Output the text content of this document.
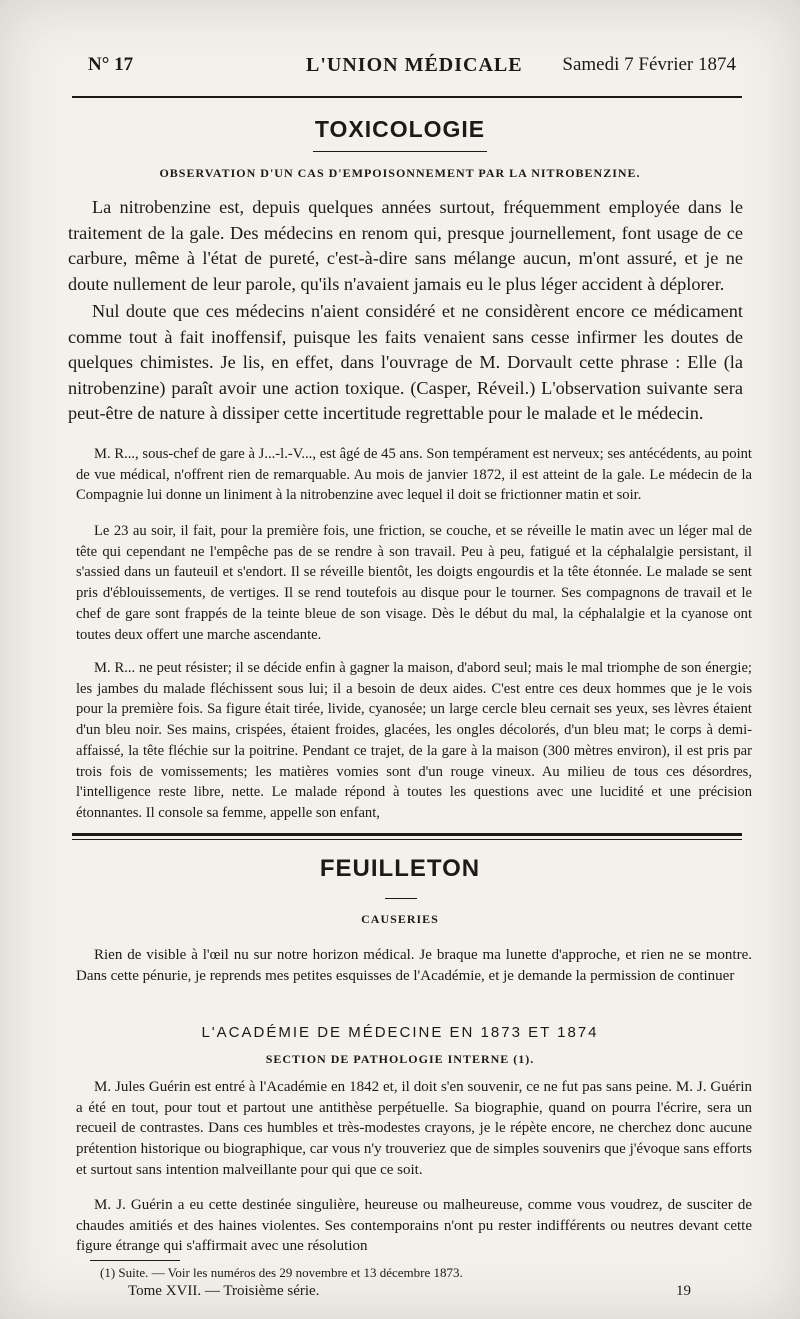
N° 17	L'UNION MÉDICALE Samedi 7 Février 1874
TOXICOLOGIE
OBSERVATION D'UN CAS D'EMPOISONNEMENT PAR LA NITROBENZINE.

La nitrobenzine est, depuis quelques années surtout, fréquemment employée dans le traitement de la gale. Des médecins en renom qui, presque journellement, font usage de ce carbure, même à l'état de pureté, c'est-à-dire sans mélange aucun, m'ont assuré, et je ne doute nullement de leur parole, qu'ils n'avaient jamais eu le plus léger accident à déplorer.

Nul doute que ces médecins n'aient considéré et ne considèrent encore ce médicament comme tout à fait inoffensif, puisque les faits venaient sans cesse infirmer les doutes de quelques chimistes. Je lis, en effet, dans l'ouvrage de M. Dorvault cette phrase : Elle (la nitrobenzine) paraît avoir une action toxique. (Casper, Réveil.) L'observation suivante sera peut-être de nature à dissiper cette incertitude regrettable pour le malade et le médecin.

M. R..., sous-chef de gare à J...-l.-V..., est âgé de 45 ans. Son tempérament est nerveux; ses antécédents, au point de vue médical, n'offrent rien de remarquable. Au mois de janvier 1872, il est atteint de la gale. Le médecin de la Compagnie lui donne un liniment à la nitrobenzine avec lequel il doit se frictionner matin et soir.

Le 23 au soir, il fait, pour la première fois, une friction, se couche, et se réveille le matin avec un léger mal de tête qui cependant ne l'empêche pas de se rendre à son travail. Peu à peu, fatigué et la céphalalgie persistant, il s'assied dans un fauteuil et s'endort. Il se réveille bientôt, les doigts engourdis et la tête étonnée. Le malade se sent pris d'éblouissements, de vertiges. Il se rend toutefois au disque pour le tourner. Ses compagnons de travail et le chef de gare sont frappés de la teinte bleue de son visage. Dès le début du mal, la céphalalgie et la cyanose ont toutes deux offert une marche ascendante.

M. R... ne peut résister; il se décide enfin à gagner la maison, d'abord seul; mais le mal triomphe de son énergie; les jambes du malade fléchissent sous lui; il a besoin de deux aides. C'est entre ces deux hommes que je le vois pour la première fois. Sa figure était tirée, livide, cyanosée; un large cercle bleu cernait ses yeux, ses lèvres étaient d'un bleu noir. Ses mains, crispées, étaient froides, glacées, les ongles décolorés, d'un bleu mat; le corps à demi-affaissé, la tête fléchie sur la poitrine. Pendant ce trajet, de la gare à la maison (300 mètres environ), il est pris par trois fois de vomissements; les matières vomies sont d'un rouge vineux. Au milieu de tous ces désordres, l'intelligence reste libre, nette. Le malade répond à toutes les questions avec une lucidité et une précision étonnantes. Il console sa femme, appelle son enfant,

FEUILLETON
CAUSERIES

Rien de visible à l'œil nu sur notre horizon médical. Je braque ma lunette d'approche, et rien ne se montre. Dans cette pénurie, je reprends mes petites esquisses de l'Académie, et je demande la permission de continuer

L'ACADÉMIE DE MÉDECINE EN 1873 ET 1874
SECTION DE PATHOLOGIE INTERNE (1).

M. Jules Guérin est entré à l'Académie en 1842 et, il doit s'en souvenir, ce ne fut pas sans peine. M. J. Guérin a été en tout, pour tout et partout une antithèse perpétuelle. Sa biographie, quand on pourra l'écrire, sera un recueil de contrastes. Dans ces humbles et très-modestes crayons, je le répète encore, ne cherchez donc aucune prétention historique ou biographique, car vous n'y trouveriez que de simples souvenirs que j'évoque sans efforts et surtout sans intention malveillante pour qui que ce soit.

M. J. Guérin a eu cette destinée singulière, heureuse ou malheureuse, comme vous voudrez, de susciter de chaudes amitiés et des haines violentes. Ses contemporains n'ont pu rester indifférents ou neutres devant cette figure étrange qui s'affirmait avec une résolution

(1) Suite. — Voir les numéros des 29 novembre et 13 décembre 1873.
Tome XVII. — Troisième série.	19
